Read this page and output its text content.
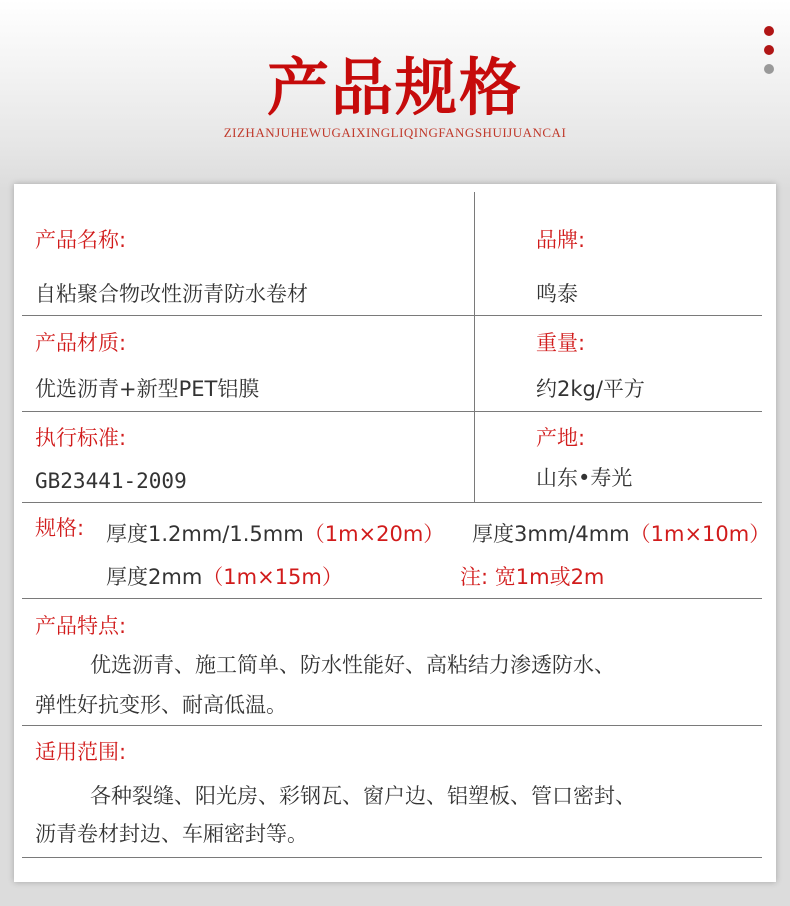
产品规格
ZIZHANJUHEWUGAIXINGLIQINGFANGSHUIJUANCAI
产品名称:
自粘聚合物改性沥青防水卷材
品牌:
鸣泰
产品材质:
优选沥青+新型PET铝膜
重量:
约2kg/平方
执行标准:
GB23441-2009
产地:
山东•寿光
规格: 厚度1.2mm/1.5mm（1m×20m） 厚度3mm/4mm（1m×10m）
厚度2mm（1m×15m）	注: 宽1m或2m
产品特点:
优选沥青、施工简单、防水性能好、高粘结力渗透防水、
弹性好抗变形、耐高低温。
适用范围:
各种裂缝、阳光房、彩钢瓦、窗户边、铝塑板、管口密封、
沥青卷材封边、车厢密封等。
